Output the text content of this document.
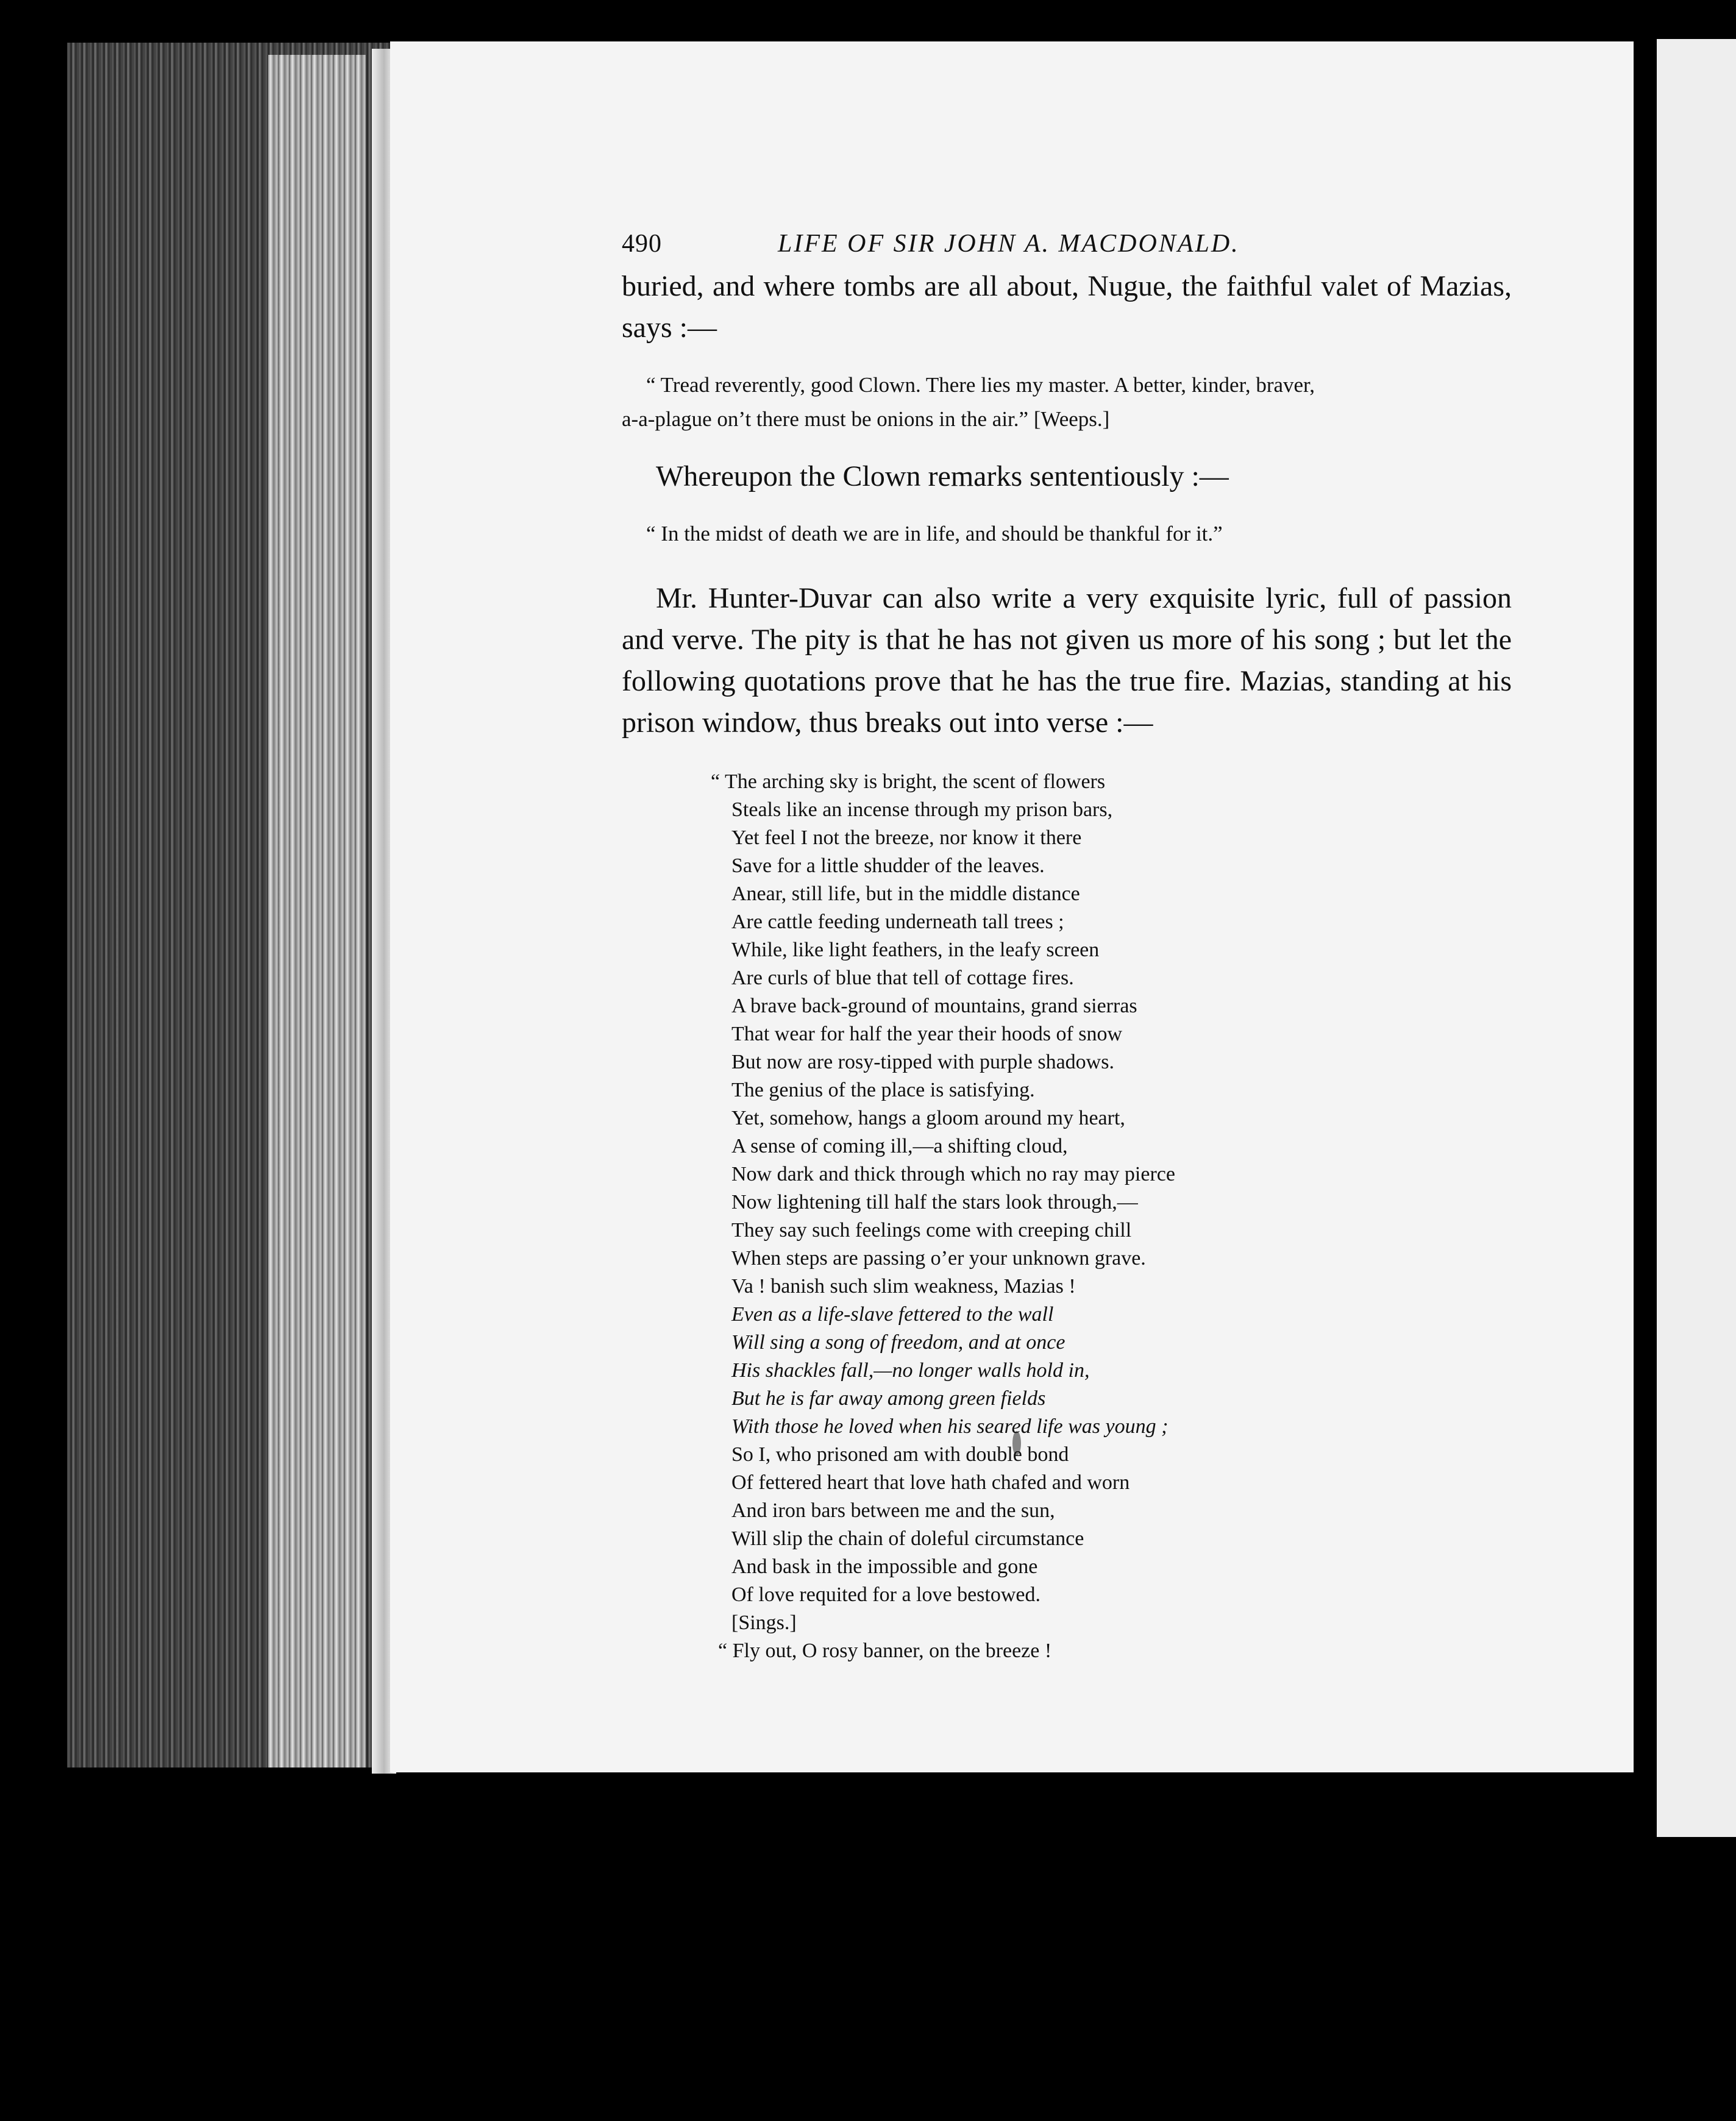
490	LIFE OF SIR JOHN A. MACDONALD.

buried, and where tombs are all about, Nugue, the faithful valet of Mazias, says :—

“ Tread reverently, good Clown. There lies my master. A better, kinder, braver,

a-a-plague on’t there must be onions in the air.” [Weeps.]

Whereupon the Clown remarks sententiously :—

“ In the midst of death we are in life, and should be thankful for it.”

Mr. Hunter-Duvar can also write a very exquisite lyric, full of passion and verve. The pity is that he has not given us more of his song ; but let the following quotations prove that he has the true fire. Mazias, standing at his prison window, thus breaks out into verse :—

“ The arching sky is bright, the scent of flowers
Steals like an incense through my prison bars,
Yet feel I not the breeze, nor know it there
Save for a little shudder of the leaves.
Anear, still life, but in the middle distance
Are cattle feeding underneath tall trees ;
While, like light feathers, in the leafy screen
Are curls of blue that tell of cottage fires.
A brave back-ground of mountains, grand sierras
That wear for half the year their hoods of snow
But now are rosy-tipped with purple shadows.
The genius of the place is satisfying.
Yet, somehow, hangs a gloom around my heart,
A sense of coming ill,—a shifting cloud,
Now dark and thick through which no ray may pierce
Now lightening till half the stars look through,—
They say such feelings come with creeping chill
When steps are passing o’er your unknown grave.
Va ! banish such slim weakness, Mazias !
Even as a life-slave fettered to the wall
Will sing a song of freedom, and at once
His shackles fall,—no longer walls hold in,
But he is far away among green fields
With those he loved when his seared life was young ;
So I, who prisoned am with double bond
Of fettered heart that love hath chafed and worn
And iron bars between me and the sun,
Will slip the chain of doleful circumstance
And bask in the impossible and gone
Of love requited for a love bestowed.
[Sings.]
“ Fly out, O rosy banner, on the breeze !
